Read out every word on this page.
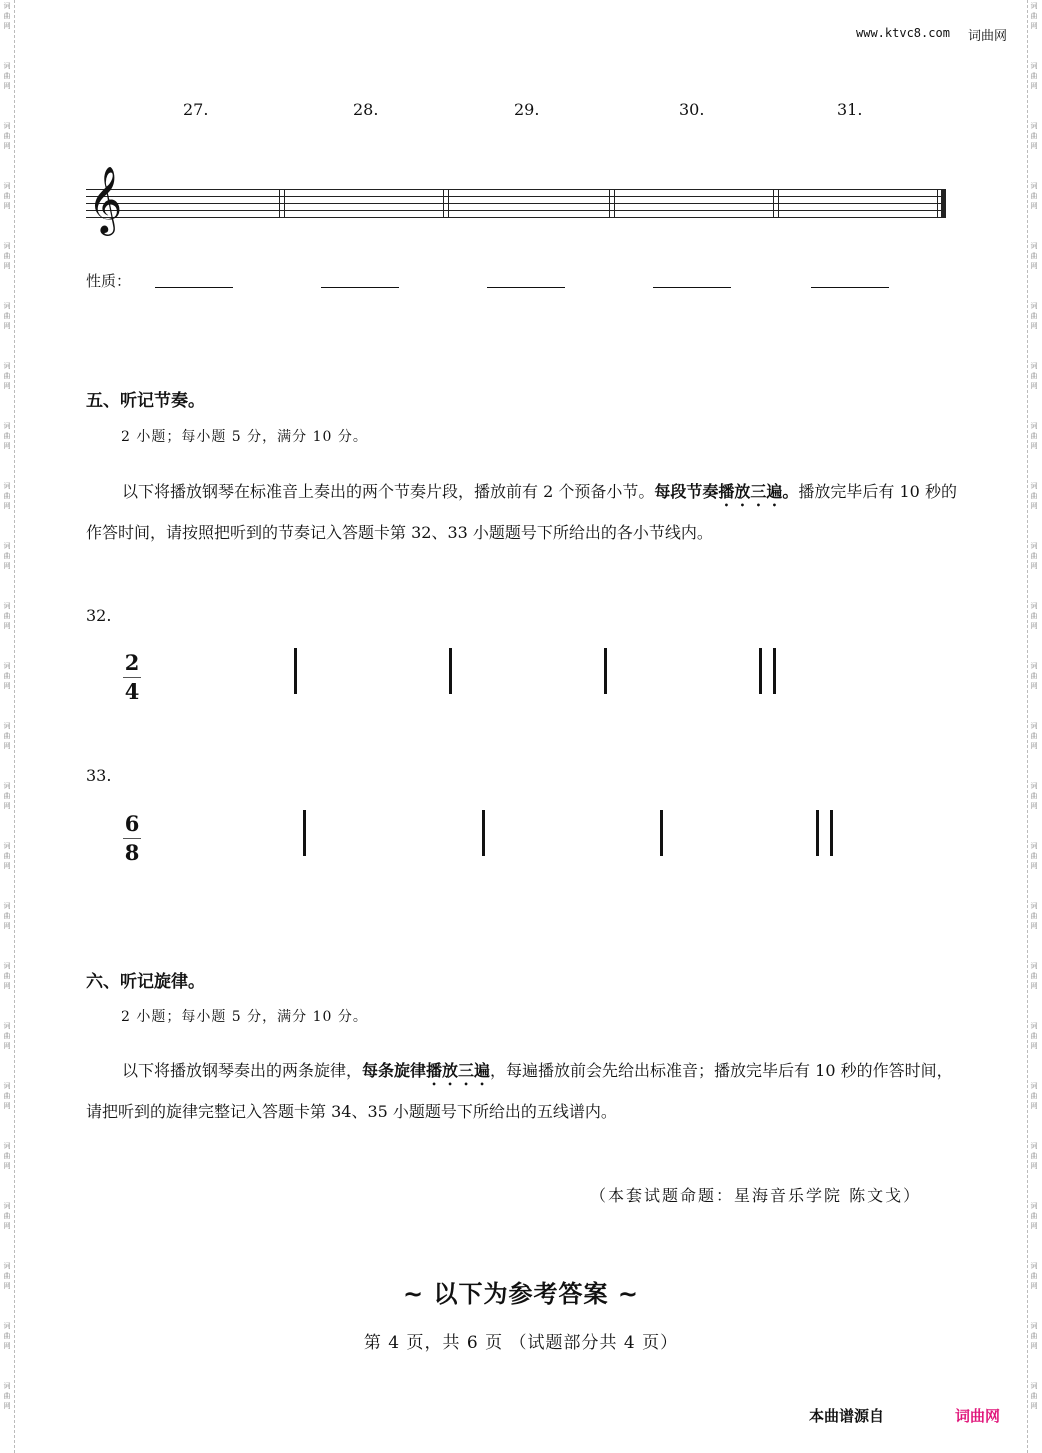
词
曲
网
词
曲
网
词
曲
网
词
曲
网
词
曲
网
词
曲
网
词
曲
网
词
曲
网
词
曲
网
词
曲
网
词
曲
网
词
曲
网
词
曲
网
词
曲
网
词
曲
网
词
曲
网
词
曲
网
词
曲
网
词
曲
网
词
曲
网
词
曲
网
词
曲
网
词
曲
网
词
曲
网
词
曲
网
词
曲
网
词
曲
网
词
曲
网
词
曲
网
词
曲
网
词
曲
网
词
曲
网
词
曲
网
词
曲
网
词
曲
网
词
曲
网
词
曲
网
词
曲
网
词
曲
网
词
曲
网
词
曲
网
词
曲
网
词
曲
网
词
曲
网
词
曲
网
词
曲
网
词
曲
网
词
曲
网
www.ktvc8.com 词曲网
27.	28.	29.	30.	31.
𝄞
性质：
五、听记节奏。
2 小题；每小题 5 分，满分 10 分。
以下将播放钢琴在标准音上奏出的两个节奏片段，播放前有 2 个预备小节。每段节奏播放三遍。播放完毕后有 10 秒的作答时间，请按照把听到的节奏记入答题卡第 32、33 小题题号下所给出的各小节线内。
32.
2
4
33.
6
8
六、听记旋律。
2 小题；每小题 5 分，满分 10 分。
以下将播放钢琴奏出的两条旋律，每条旋律播放三遍，每遍播放前会先给出标准音；播放完毕后有 10 秒的作答时间，请把听到的旋律完整记入答题卡第 34、35 小题题号下所给出的五线谱内。
（本套试题命题：星海音乐学院 陈文戈）
~ 以下为参考答案 ~
第 4 页，共 6 页 （试题部分共 4 页）
本曲谱源自	词曲网
